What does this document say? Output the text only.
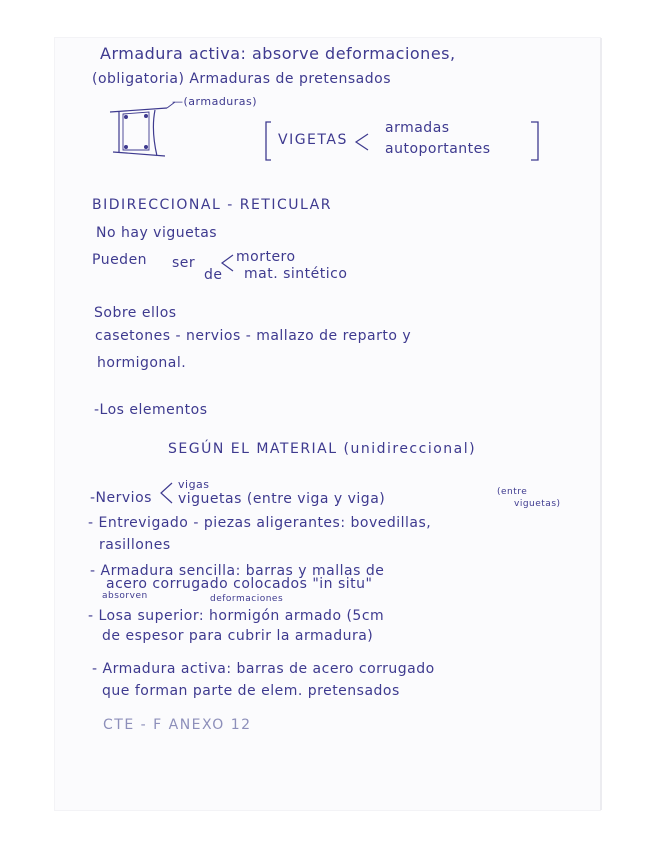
Armadura activa: absorve deformaciones,
(obligatoria) Armaduras de pretensados
—(armaduras)
VIGETAS
armadas
autoportantes
BIDIRECCIONAL - RETICULAR
No hay viguetas
Pueden ser
de
mortero
mat. sintético
Sobre ellos
casetones - nervios - mallazo de reparto y
hormigonal.
-Los elementos
SEGÚN EL MATERIAL (unidireccional)
-Nervios
vigas
viguetas (entre viga y viga)	(entre
viguetas)
- Entrevigado - piezas aligerantes: bovedillas,
rasillones
- Armadura sencilla: barras y mallas de
acero corrugado colocados "in situ"
absorven	deformaciones
- Losa superior: hormigón armado (5cm
de espesor para cubrir la armadura)
- Armadura activa: barras de acero corrugado
que forman parte de elem. pretensados
CTE - F ANEXO 12
